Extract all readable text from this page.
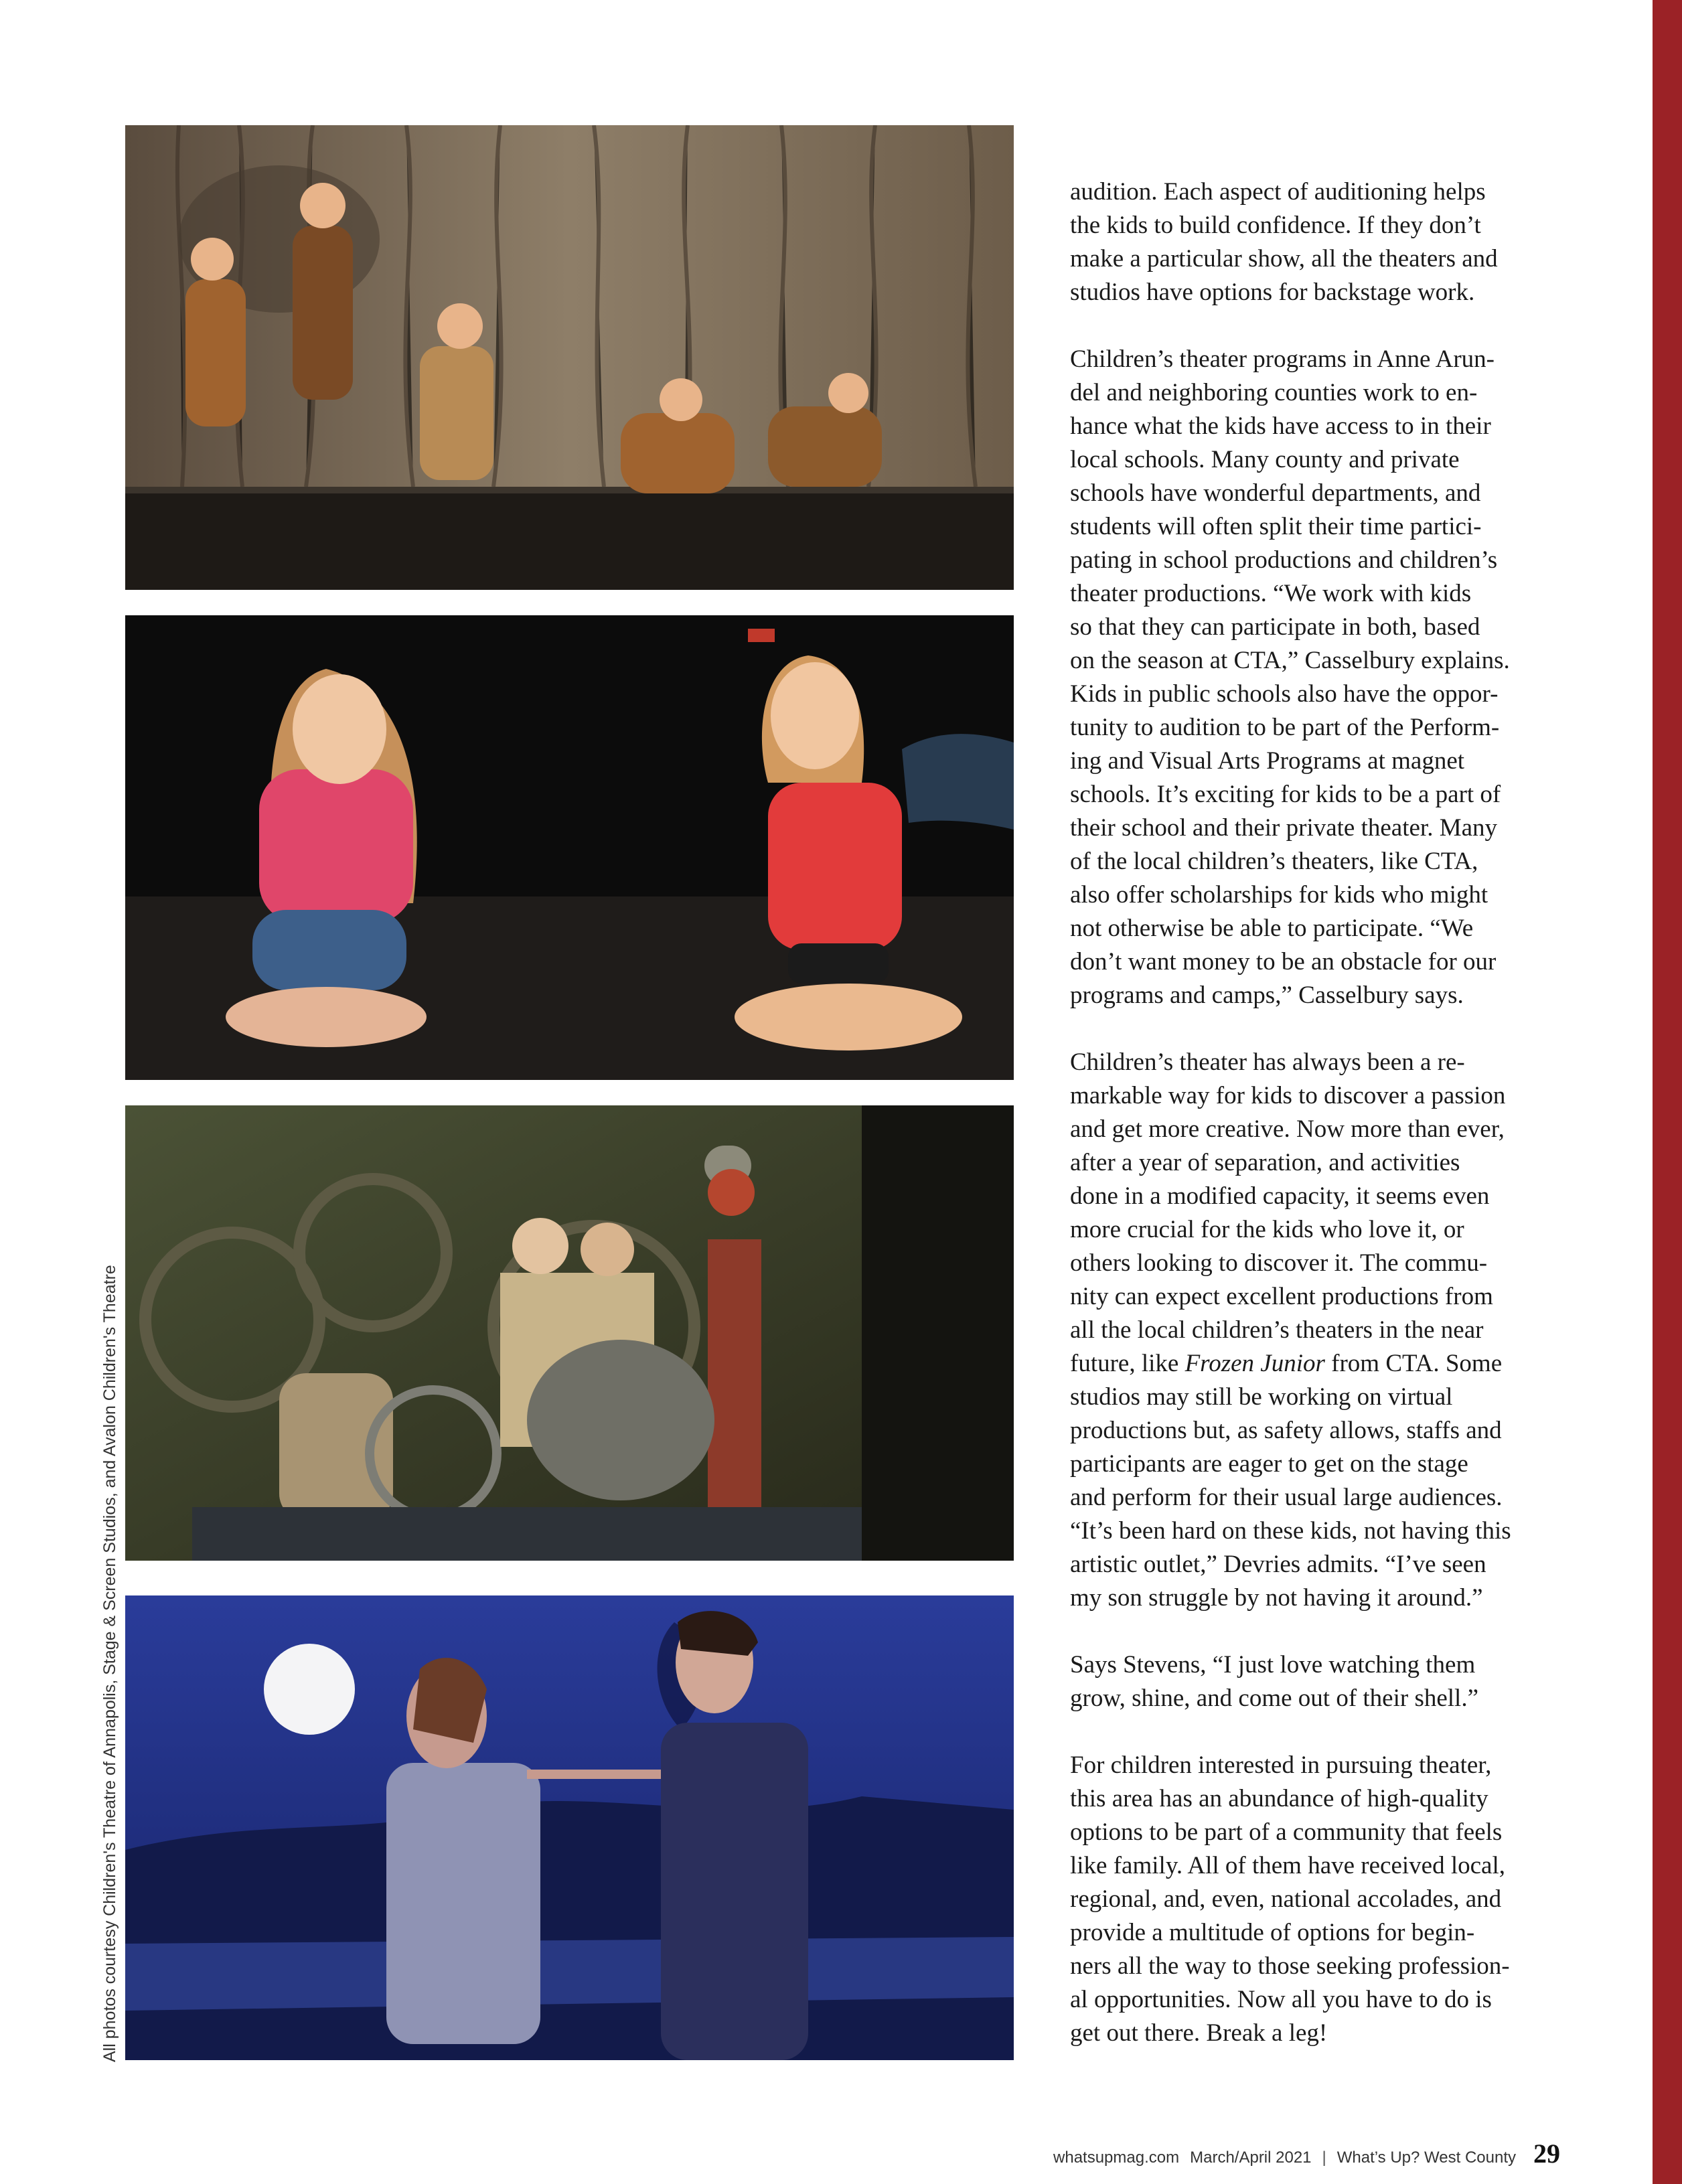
All photos courtesy Children's Theatre of Annapolis, Stage & Screen Studios, and Avalon Children's Theatre

audition. Each aspect of auditioning helps
the kids to build confidence. If they don’t
make a particular show, all the theaters and
studios have options for backstage work.

Children’s theater programs in Anne Arun-
del and neighboring counties work to en-
hance what the kids have access to in their
local schools. Many county and private
schools have wonderful departments, and
students will often split their time partici-
pating in school productions and children’s
theater productions. “We work with kids
so that they can participate in both, based
on the season at CTA,” Casselbury explains.
Kids in public schools also have the oppor-
tunity to audition to be part of the Perform-
ing and Visual Arts Programs at magnet
schools. It’s exciting for kids to be a part of
their school and their private theater. Many
of the local children’s theaters, like CTA,
also offer scholarships for kids who might
not otherwise be able to participate. “We
don’t want money to be an obstacle for our
programs and camps,” Casselbury says.

Children’s theater has always been a re-
markable way for kids to discover a passion
and get more creative. Now more than ever,
after a year of separation, and activities
done in a modified capacity, it seems even
more crucial for the kids who love it, or
others looking to discover it. The commu-
nity can expect excellent productions from
all the local children’s theaters in the near
future, like Frozen Junior from CTA. Some
studios may still be working on virtual
productions but, as safety allows, staffs and
participants are eager to get on the stage
and perform for their usual large audiences.
“It’s been hard on these kids, not having this
artistic outlet,” Devries admits. “I’ve seen
my son struggle by not having it around.”

Says Stevens, “I just love watching them
grow, shine, and come out of their shell.”

For children interested in pursuing theater,
this area has an abundance of high-quality
options to be part of a community that feels
like family. All of them have received local,
regional, and, even, national accolades, and
provide a multitude of options for begin-
ners all the way to those seeking profession-
al opportunities. Now all you have to do is
get out there. Break a leg!

whatsupmag.com March/April 2021 | What’s Up? West County 29
